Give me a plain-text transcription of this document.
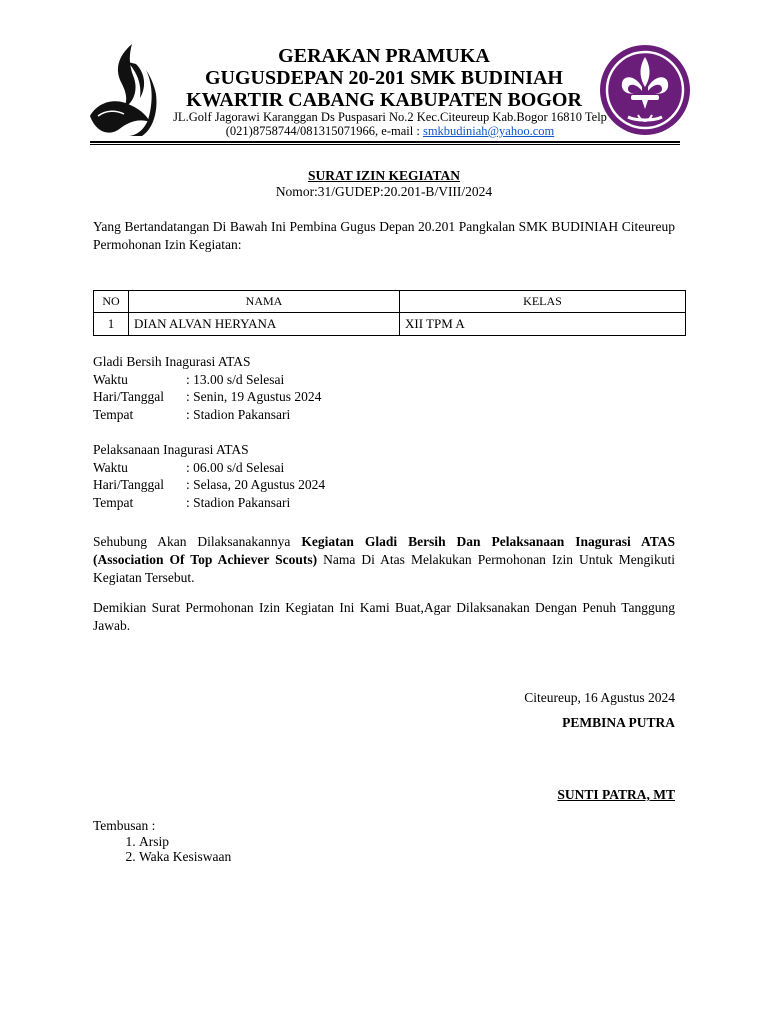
GERAKAN PRAMUKA
GUGUSDEPAN 20-201 SMK BUDINIAH
KWARTIR CABANG KABUPATEN BOGOR
JL.Golf Jagorawi Karanggan Ds Puspasari No.2 Kec.Citeureup Kab.Bogor 16810 Telp
(021)8758744/081315071966, e-mail : smkbudiniah@yahoo.com
SURAT IZIN KEGIATAN
Nomor:31/GUDEP:20.201-B/VIII/2024
Yang Bertandatangan Di Bawah Ini Pembina Gugus Depan 20.201 Pangkalan SMK BUDINIAH Citeureup Permohonan Izin Kegiatan:
NO	NAMA	KELAS
1	DIAN ALVAN HERYANA	XII TPM A
Gladi Bersih Inagurasi ATAS
Waktu	: 13.00 s/d Selesai
Hari/Tanggal	: Senin, 19 Agustus 2024
Tempat	: Stadion Pakansari
Pelaksanaan Inagurasi ATAS
Waktu	: 06.00 s/d Selesai
Hari/Tanggal	: Selasa, 20 Agustus 2024
Tempat	: Stadion Pakansari
Sehubung Akan Dilaksanakannya Kegiatan Gladi Bersih Dan Pelaksanaan Inagurasi ATAS (Association Of Top Achiever Scouts) Nama Di Atas Melakukan Permohonan Izin Untuk Mengikuti Kegiatan Tersebut.
Demikian Surat Permohonan Izin Kegiatan Ini Kami Buat,Agar Dilaksanakan Dengan Penuh Tanggung Jawab.
Citeureup, 16 Agustus 2024
PEMBINA PUTRA
SUNTI PATRA, MT
Tembusan :
1. Arsip
2. Waka Kesiswaan
